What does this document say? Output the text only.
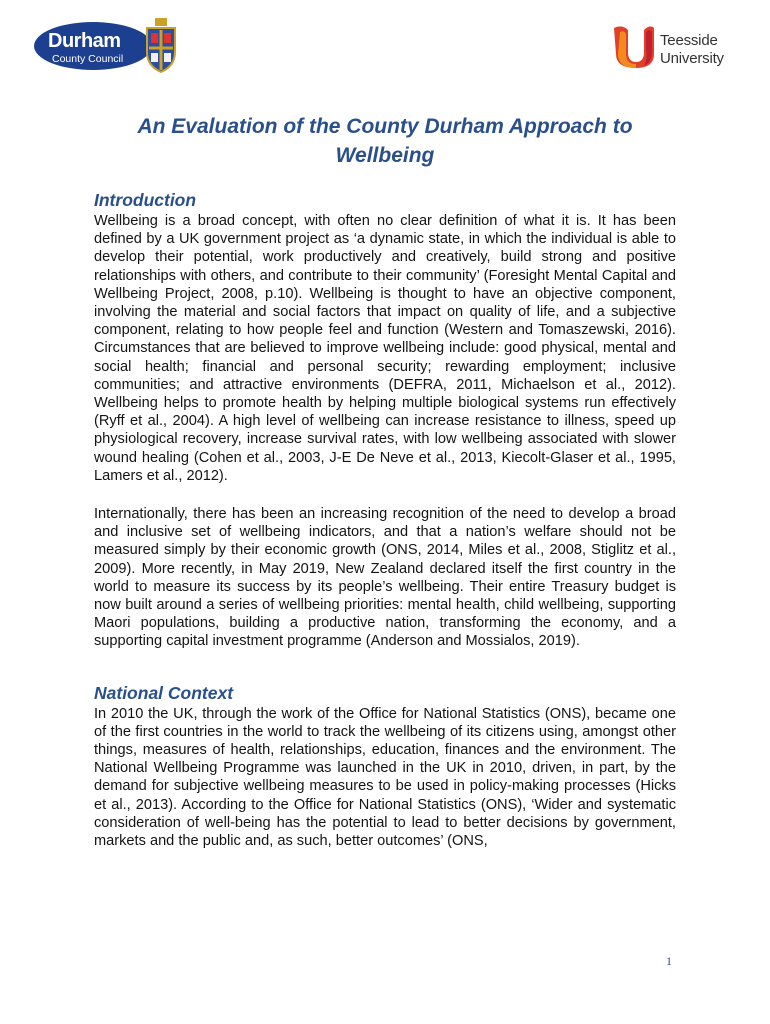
Durham
County Council
Teesside
University
An Evaluation of the County Durham Approach to Wellbeing
Introduction

Wellbeing is a broad concept, with often no clear definition of what it is. It has been defined by a UK government project as ‘a dynamic state, in which the individual is able to develop their potential, work productively and creatively, build strong and positive relationships with others, and contribute to their community’ (Foresight Mental Capital and Wellbeing Project, 2008, p.10). Wellbeing is thought to have an objective component, involving the material and social factors that impact on quality of life, and a subjective component, relating to how people feel and function (Western and Tomaszewski, 2016). Circumstances that are believed to improve wellbeing include: good physical, mental and social health; financial and personal security; rewarding employment; inclusive communities; and attractive environments (DEFRA, 2011, Michaelson et al., 2012). Wellbeing helps to promote health by helping multiple biological systems run effectively (Ryff et al., 2004). A high level of wellbeing can increase resistance to illness, speed up physiological recovery, increase survival rates, with low wellbeing associated with slower wound healing (Cohen et al., 2003, J-E De Neve et al., 2013, Kiecolt-Glaser et al., 1995, Lamers et al., 2012).

Internationally, there has been an increasing recognition of the need to develop a broad and inclusive set of wellbeing indicators, and that a nation’s welfare should not be measured simply by their economic growth (ONS, 2014, Miles et al., 2008, Stiglitz et al., 2009). More recently, in May 2019, New Zealand declared itself the first country in the world to measure its success by its people’s wellbeing. Their entire Treasury budget is now built around a series of wellbeing priorities: mental health, child wellbeing, supporting Maori populations, building a productive nation, transforming the economy, and a supporting capital investment programme (Anderson and Mossialos, 2019).

National Context

In 2010 the UK, through the work of the Office for National Statistics (ONS), became one of the first countries in the world to track the wellbeing of its citizens using, amongst other things, measures of health, relationships, education, finances and the environment. The National Wellbeing Programme was launched in the UK in 2010, driven, in part, by the demand for subjective wellbeing measures to be used in policy-making processes (Hicks et al., 2013). According to the Office for National Statistics (ONS), ‘Wider and systematic consideration of well-being has the potential to lead to better decisions by government, markets and the public and, as such, better outcomes’ (ONS,

1
